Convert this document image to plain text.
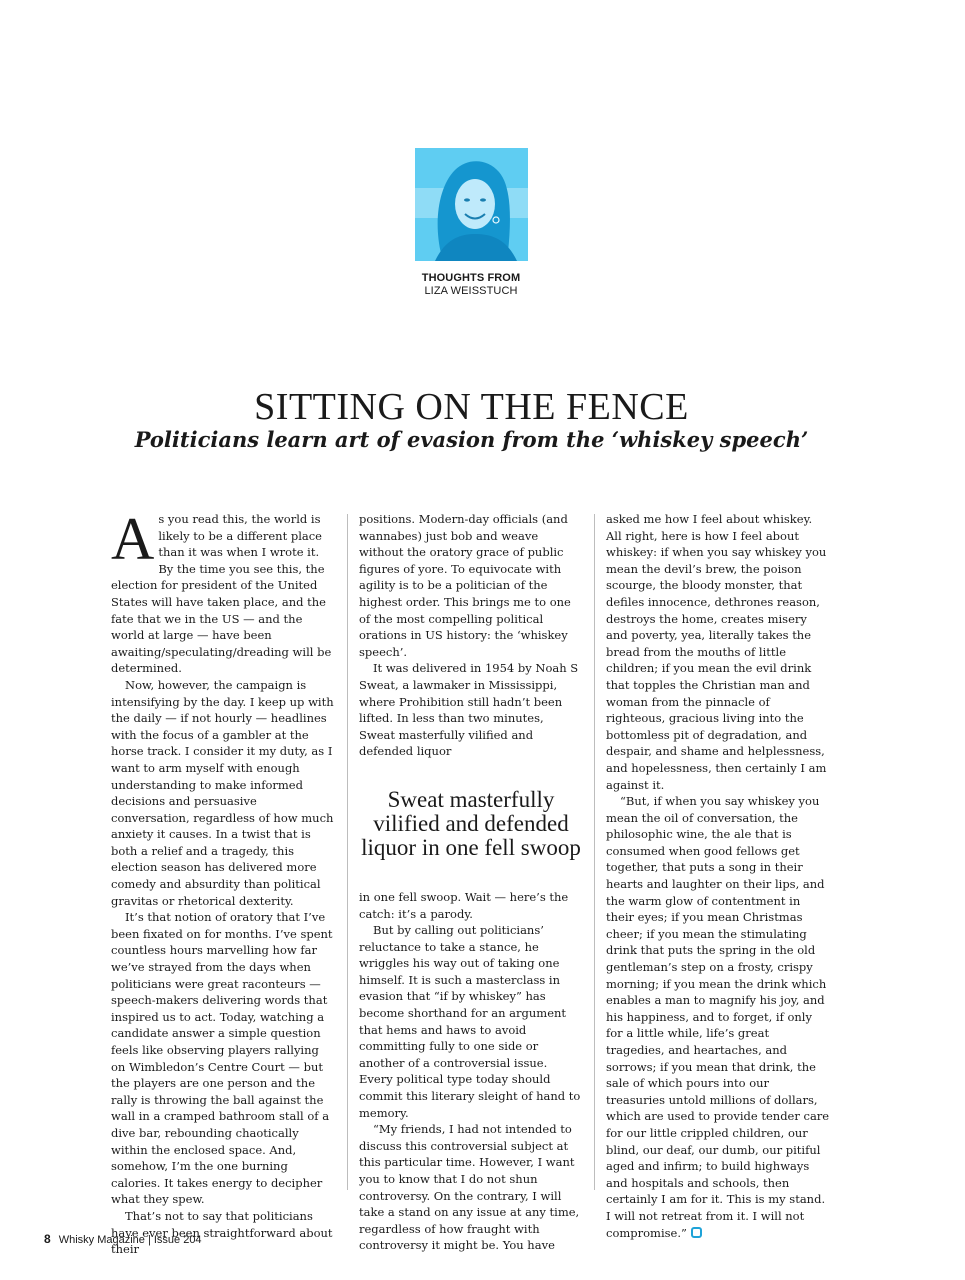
THOUGHTS FROM
LIZA WEISSTUCH
SITTING ON THE FENCE
Politicians learn art of evasion from the ‘whiskey speech’

As you read this, the world is likely to be a different place than it was when I wrote it. By the time you see this, the election for president of the United States will have taken place, and the fate that we in the US — and the world at large — have been awaiting/speculating/dreading will be determined.

Now, however, the campaign is intensifying by the day. I keep up with the daily — if not hourly — headlines with the focus of a gambler at the horse track. I consider it my duty, as I want to arm myself with enough understanding to make informed decisions and persuasive conversation, regardless of how much anxiety it causes. In a twist that is both a relief and a tragedy, this election season has delivered more comedy and absurdity than political gravitas or rhetorical dexterity.

It’s that notion of oratory that I’ve been fixated on for months. I’ve spent countless hours marvelling how far we’ve strayed from the days when politicians were great raconteurs — speech-makers delivering words that inspired us to act. Today, watching a candidate answer a simple question feels like observing players rallying on Wimbledon’s Centre Court — but the players are one person and the rally is throwing the ball against the wall in a cramped bathroom stall of a dive bar, rebounding chaotically within the enclosed space. And, somehow, I’m the one burning calories. It takes energy to decipher what they spew.

That’s not to say that politicians have ever been straightforward about their

positions. Modern-day officials (and wannabes) just bob and weave without the oratory grace of public figures of yore. To equivocate with agility is to be a politician of the highest order. This brings me to one of the most compelling political orations in US history: the ‘whiskey speech’.

It was delivered in 1954 by Noah S Sweat, a lawmaker in Mississippi, where Prohibition still hadn’t been lifted. In less than two minutes, Sweat masterfully vilified and defended liquor

Sweat masterfully vilified and defended liquor in one fell swoop

in one fell swoop. Wait — here’s the catch: it’s a parody.

But by calling out politicians’ reluctance to take a stance, he wriggles his way out of taking one himself. It is such a masterclass in evasion that “if by whiskey” has become shorthand for an argument that hems and haws to avoid committing fully to one side or another of a controversial issue. Every political type today should commit this literary sleight of hand to memory.

“My friends, I had not intended to discuss this controversial subject at this particular time. However, I want you to know that I do not shun controversy. On the contrary, I will take a stand on any issue at any time, regardless of how fraught with controversy it might be. You have

asked me how I feel about whiskey. All right, here is how I feel about whiskey: if when you say whiskey you mean the devil’s brew, the poison scourge, the bloody monster, that defiles innocence, dethrones reason, destroys the home, creates misery and poverty, yea, literally takes the bread from the mouths of little children; if you mean the evil drink that topples the Christian man and woman from the pinnacle of righteous, gracious living into the bottomless pit of degradation, and despair, and shame and helplessness, and hopelessness, then certainly I am against it.

“But, if when you say whiskey you mean the oil of conversation, the philosophic wine, the ale that is consumed when good fellows get together, that puts a song in their hearts and laughter on their lips, and the warm glow of contentment in their eyes; if you mean Christmas cheer; if you mean the stimulating drink that puts the spring in the old gentleman’s step on a frosty, crispy morning; if you mean the drink which enables a man to magnify his joy, and his happiness, and to forget, if only for a little while, life’s great tragedies, and heartaches, and sorrows; if you mean that drink, the sale of which pours into our treasuries untold millions of dollars, which are used to provide tender care for our little crippled children, our blind, our deaf, our dumb, our pitiful aged and infirm; to build highways and hospitals and schools, then certainly I am for it. This is my stand. I will not retreat from it. I will not compromise.”

8 Whisky Magazine | Issue 204
